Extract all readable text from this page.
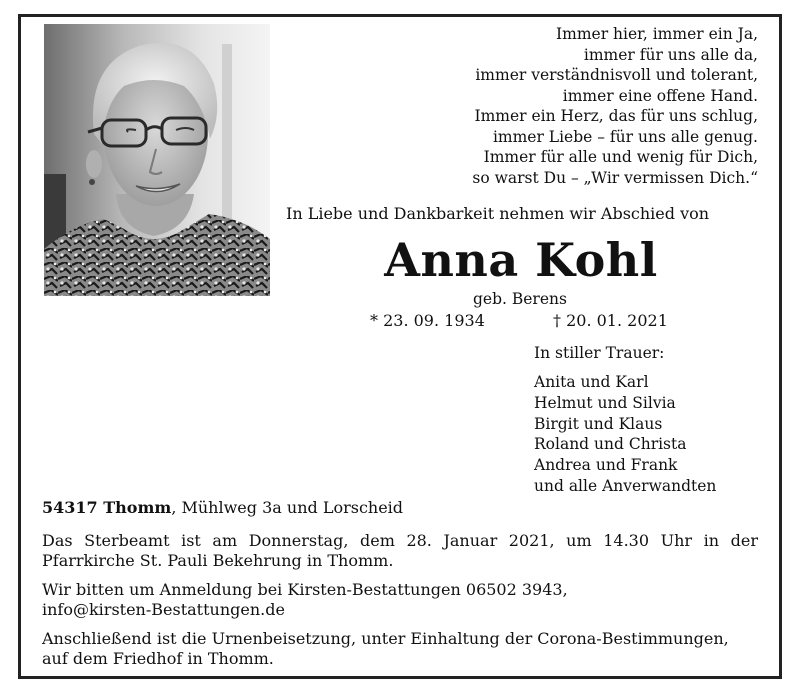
Immer hier, immer ein Ja,
immer für uns alle da,
immer verständnisvoll und tolerant,
immer eine offene Hand.
Immer ein Herz, das für uns schlug,
immer Liebe – für uns alle genug.
Immer für alle und wenig für Dich,
so warst Du – „Wir vermissen Dich.“
In Liebe und Dankbarkeit nehmen wir Abschied von
Anna Kohl
geb. Berens
* 23. 09. 1934	† 20. 01. 2021
In stiller Trauer:
Anita und Karl
Helmut und Silvia
Birgit und Klaus
Roland und Christa
Andrea und Frank
und alle Anverwandten

54317 Thomm, Mühlweg 3a und Lorscheid

Das Sterbeamt ist am Donnerstag, dem 28. Januar 2021, um 14.30 Uhr in der Pfarrkirche St. Pauli Bekehrung in Thomm.

Wir bitten um Anmeldung bei Kirsten-Bestattungen 06502 3943,
info@kirsten-Bestattungen.de

Anschließend ist die Urnenbeisetzung, unter Einhaltung der Corona-Bestimmungen, auf dem Friedhof in Thomm.
